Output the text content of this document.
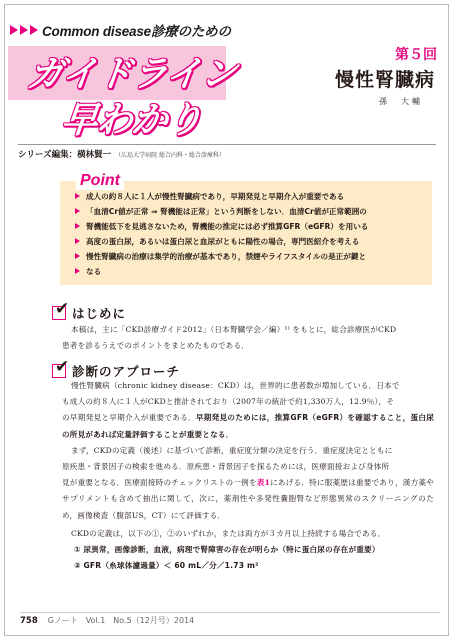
Common disease診療のための
ガイドライン
早わかり
第５回
慢性腎臓病
孫　大輔
シリーズ編集：横林賢一 （広島大学病院 総合内科・総合診療科）
成人の約８人に１人が慢性腎臓病であり，早期発見と早期介入が重要である
「血清Cr値が正常 ⇒ 腎機能は正常」という判断をしない．血清Cr値が正常範囲の
腎機能低下を見逃さないため，腎機能の推定には必ず推算GFR（eGFR）を用いる
高度の蛋白尿，あるいは蛋白尿と血尿がともに陽性の場合，専門医紹介を考える
慢性腎臓病の治療は集学的治療が基本であり，禁煙やライフスタイルの是正が鍵と
なる
Point
✔ はじめに

本稿は，主に「CKD診療ガイド2012」（日本腎臓学会／編）¹⁾ をもとに，総合診療医がCKD

患者を診るうえでのポイントをまとめたものである．

✔ 診断のアプローチ

慢性腎臓病（chronic kidney disease：CKD）は，世界的に患者数が増加している．日本で

も成人の約８人に１人がCKDと推計されており（2007年の統計で約1,330万人，12.9％），そ

の早期発見と早期介入が重要である．早期発見のためには，推算GFR（eGFR）を確認すること，蛋白尿の所見があれば定量評価することが重要となる．

まず，CKDの定義（後述）に基づいて診断，重症度分類の決定を行う．重症度決定とともに

原疾患・背景因子の検索を進める．原疾患・背景因子を探るためには，医療面接および身体所

見が重要となる．医療面接時のチェックリストの一例を表1にあげる．特に服薬歴は重要であり，漢方薬やサプリメントも含めて抽出に関して，次に，薬剤性や多発性嚢胞腎など形態異常のスクリーニングのため，画像検査（腹部US，CT）にて評価する．

CKDの定義は，以下の①，②のいずれか，または両方が３カ月以上持続する場合である．

① 尿異常，画像診断，血液，病理で腎障害の存在が明らか（特に蛋白尿の存在が重要）

② GFR（糸球体濾過量）＜ 60 mL／分／1.73 m²

758 Gノート　Vol.1　No.5（12月号）2014
